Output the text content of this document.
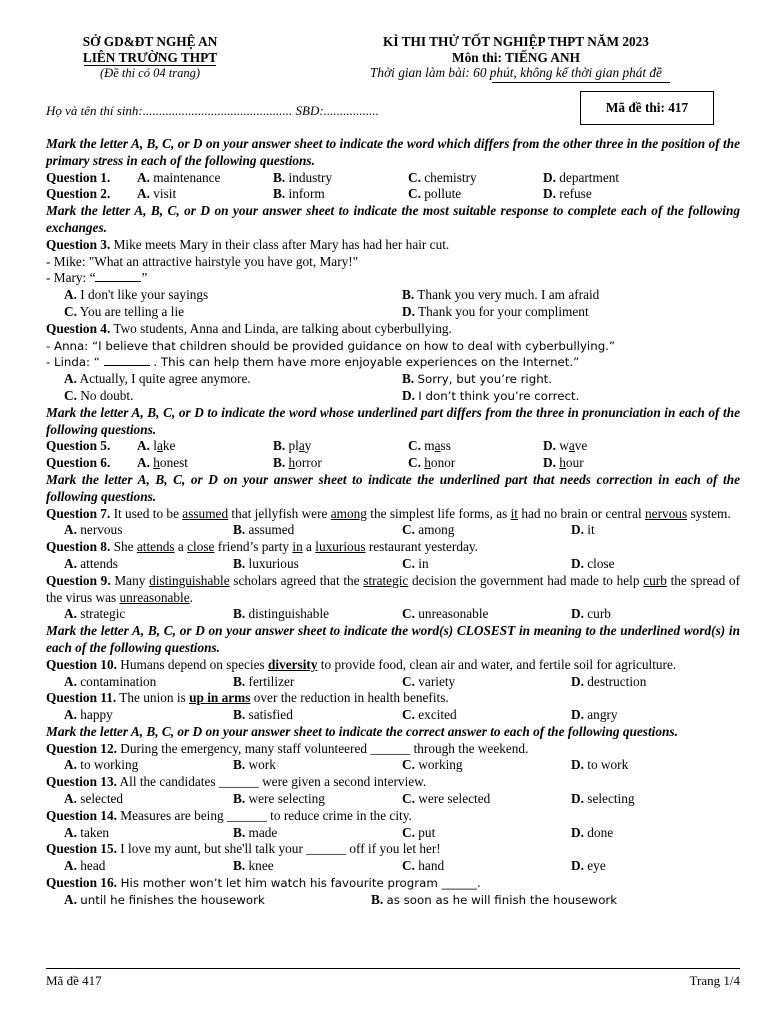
SỞ GD&ĐT NGHỆ AN
LIÊN TRƯỜNG THPT
(Đề thi có 04 trang)
KÌ THI THỬ TỐT NGHIỆP THPT NĂM 2023
Môn thi: TIẾNG ANH
Thời gian làm bài: 60 phút, không kể thời gian phát đề
Họ và tên thí sinh:.............................................. SBD:.................	Mã đề thi: 417
Mark the letter A, B, C, or D on your answer sheet to indicate the word which differs from the other three in the position of the primary stress in each of the following questions.
Question 1. A. maintenance	B. industry	C. chemistry	D. department
Question 2. A. visit	B. inform	C. pollute	D. refuse
Mark the letter A, B, C, or D on your answer sheet to indicate the most suitable response to complete each of the following exchanges.
Question 3. Mike meets Mary in their class after Mary has had her hair cut.
- Mike: "What an attractive hairstyle you have got, Mary!"
- Mary: “	”
A. I don't like your sayings	B. Thank you very much. I am afraid
C. You are telling a lie	D. Thank you for your compliment
Question 4. Two students, Anna and Linda, are talking about cyberbullying.
- Anna: “I believe that children should be provided guidance on how to deal with cyberbullying.”
- Linda: “	. This can help them have more enjoyable experiences on the Internet.”
A. Actually, I quite agree anymore.	B. Sorry, but you’re right.
C. No doubt.	D. I don’t think you’re correct.
Mark the letter A, B, C, or D to indicate the word whose underlined part differs from the three in pronunciation in each of the following questions.
Question 5. A. lake	B. play	C. mass	D. wave
Question 6. A. honest	B. horror	C. honor	D. hour
Mark the letter A, B, C, or D on your answer sheet to indicate the underlined part that needs correction in each of the following questions.
Question 7. It used to be assumed that jellyfish were among the simplest life forms, as it had no brain or central nervous system.
A. nervous	B. assumed	C. among	D. it
Question 8. She attends a close friend’s party in a luxurious restaurant yesterday.
A. attends	B. luxurious	C. in	D. close
Question 9. Many distinguishable scholars agreed that the strategic decision the government had made to help curb the spread of the virus was unreasonable.
A. strategic	B. distinguishable	C. unreasonable	D. curb
Mark the letter A, B, C, or D on your answer sheet to indicate the word(s) CLOSEST in meaning to the underlined word(s) in each of the following questions.
Question 10. Humans depend on species diversity to provide food, clean air and water, and fertile soil for agriculture.
A. contamination	B. fertilizer	C. variety	D. destruction
Question 11. The union is up in arms over the reduction in health benefits.
A. happy	B. satisfied	C. excited	D. angry
Mark the letter A, B, C, or D on your answer sheet to indicate the correct answer to each of the following questions.
Question 12. During the emergency, many staff volunteered ______ through the weekend.
A. to working	B. work	C. working	D. to work
Question 13. All the candidates ______ were given a second interview.
A. selected	B. were selecting	C. were selected	D. selecting
Question 14. Measures are being ______ to reduce crime in the city.
A. taken	B. made	C. put	D. done
Question 15. I love my aunt, but she'll talk your ______ off if you let her!
A. head	B. knee	C. hand	D. eye
Question 16. His mother won’t let him watch his favourite program ______.
A. until he finishes the housework	B. as soon as he will finish the housework
Mã đề 417	Trang 1/4
